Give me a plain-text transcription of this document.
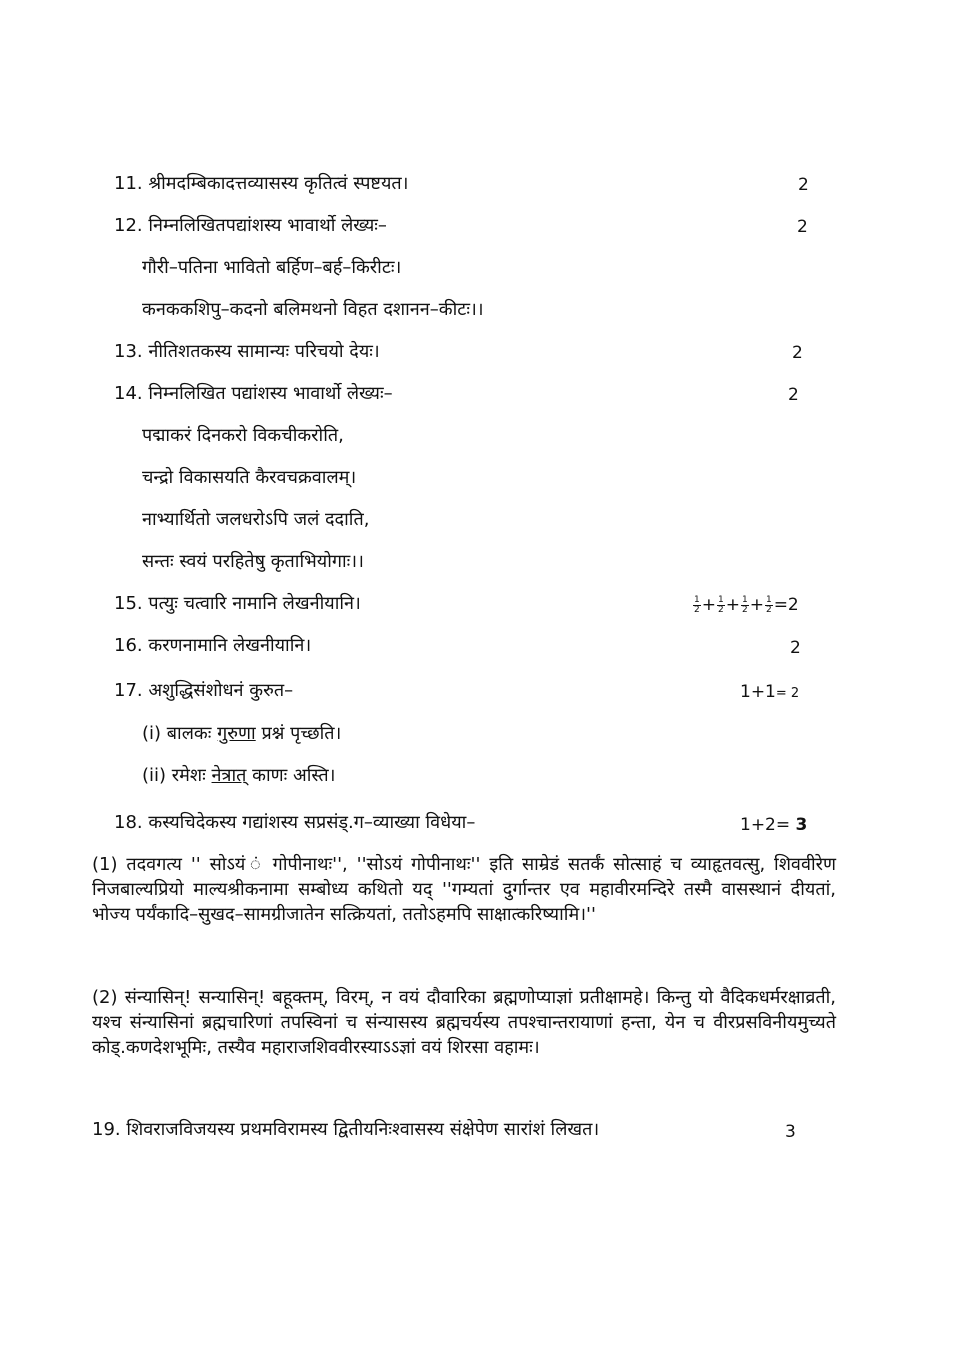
11. श्रीमदम्बिकादत्तव्यासस्य कृतित्वं स्पष्टयत।	2
12. निम्नलिखितपद्यांशस्य भावार्थो लेख्यः–	2
गौरी–पतिना भावितो बर्हिण–बर्ह–किरीटः।
कनककशिपु–कदनो बलिमथनो विहत दशानन–कीटः।।
13. नीतिशतकस्य सामान्यः परिचयो देयः।	2
14. निम्नलिखित पद्यांशस्य भावार्थो लेख्यः–	2
पद्माकरं दिनकरो विकचीकरोति,
चन्द्रो विकासयति कैरवचक्रवालम्।
नाभ्यार्थितो जलधरोऽपि जलं ददाति,
सन्तः स्वयं परहितेषु कृताभियोगाः।।
15. पत्युः चत्वारि नामानि लेखनीयानि।	$\frac{1}{2} + \frac{1}{2} + \frac{1}{2} + \frac{1}{2} =2$
16. करणनामानि लेखनीयानि।	2
17. अशुद्धिसंशोधनं कुरुत–	1+1= 2
(i) बालकः गुरुणा प्रश्नं पृच्छति।
(ii) रमेशः नेत्रात् काणः अस्ति।
18. कस्यचिदेकस्य गद्यांशस्य सप्रसंड्.ग–व्याख्या विधेया–	1+2= 3
(1) तदवगत्य '' सोऽयं ं गोपीनाथः'', ''सोऽयं गोपीनाथः'' इति साम्रेडं सतर्कं सोत्साहं च व्याहृतवत्सु, शिववीरेण निजबाल्यप्रियो माल्यश्रीकनामा सम्बोध्य कथितो यद् ''गम्यतां दुर्गान्तर एव महावीरमन्दिरे तस्मै वासस्थानं दीयतां, भोज्य पर्यंकादि–सुखद–सामग्रीजातेन सत्क्रियतां, ततोऽहमपि साक्षात्करिष्यामि।''
(2) संन्यासिन्! सन्यासिन्! बहूक्तम्, विरम्, न वयं दौवारिका ब्रह्मणोप्याज्ञां प्रतीक्षामहे। किन्तु यो वैदिकधर्मरक्षाव्रती, यश्च संन्यासिनां ब्रह्मचारिणां तपस्विनां च संन्यासस्य ब्रह्मचर्यस्य तपश्चान्तरायाणां हन्ता, येन च वीरप्रसविनीयमुच्यते कोड्.कणदेशभूमिः, तस्यैव महाराजशिववीरस्याऽऽज्ञां वयं शिरसा वहामः।
19. शिवराजविजयस्य प्रथमविरामस्य द्वितीयनिःश्वासस्य संक्षेपेण सारांशं लिखत।	3
